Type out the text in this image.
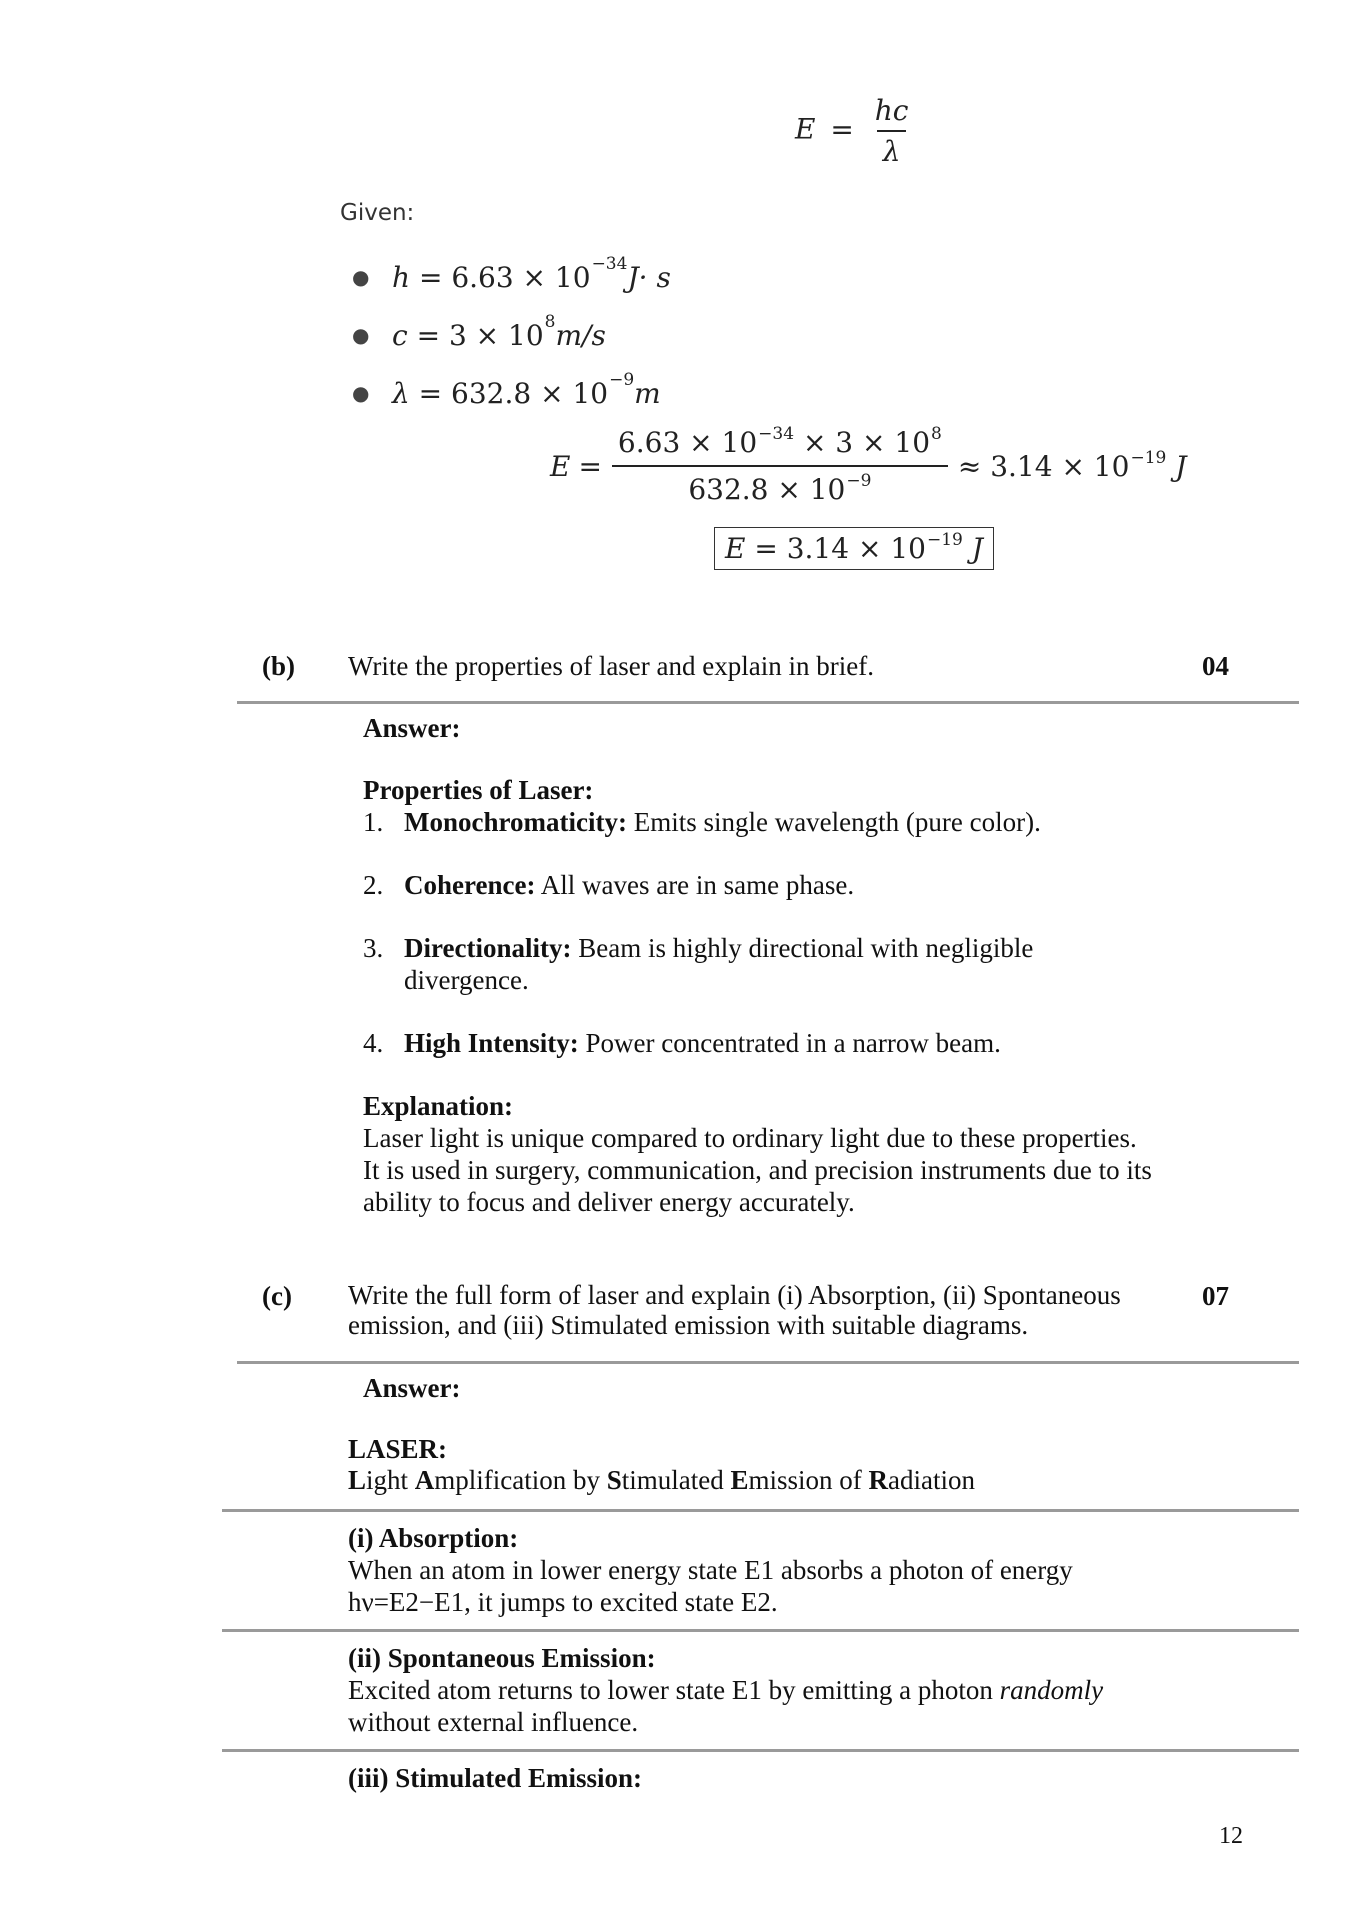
$E = \frac{hc}{\lambda}$
Given:
● h
= 6.63 × 10 −34 J· s
● c
= 3 × 10 8 m/s
● λ
= 632.8 × 10 −9 m
$E = \frac{6.63 \times 10^{-34} \times 3 \times 10^8}{632.8 \times 10^{-9}} \approx 3.14 \times 10^{-19}$ J
$E = 3.14 \times 10^{-19}$ J
(b) Write the properties of laser and explain in brief.	04
Answer:
Properties of Laser:
1. Monochromaticity: Emits single wavelength (pure color).
2. Coherence: All waves are in same phase.
3. Directionality: Beam is highly directional with negligible
divergence.
4. High Intensity: Power concentrated in a narrow beam.
Explanation:
Laser light is unique compared to ordinary light due to these properties.
It is used in surgery, communication, and precision instruments due to its
ability to focus and deliver energy accurately.
(c) Write the full form of laser and explain (i) Absorption, (ii) Spontaneous
emission, and (iii) Stimulated emission with suitable diagrams.
07
Answer:
LASER:
Light Amplification by Stimulated Emission of Radiation
(i) Absorption:
When an atom in lower energy state E1 absorbs a photon of energy
hν=E2−E1, it jumps to excited state E2.
(ii) Spontaneous Emission:
Excited atom returns to lower state E1 by emitting a photon randomly
without external influence.
(iii) Stimulated Emission:
12
